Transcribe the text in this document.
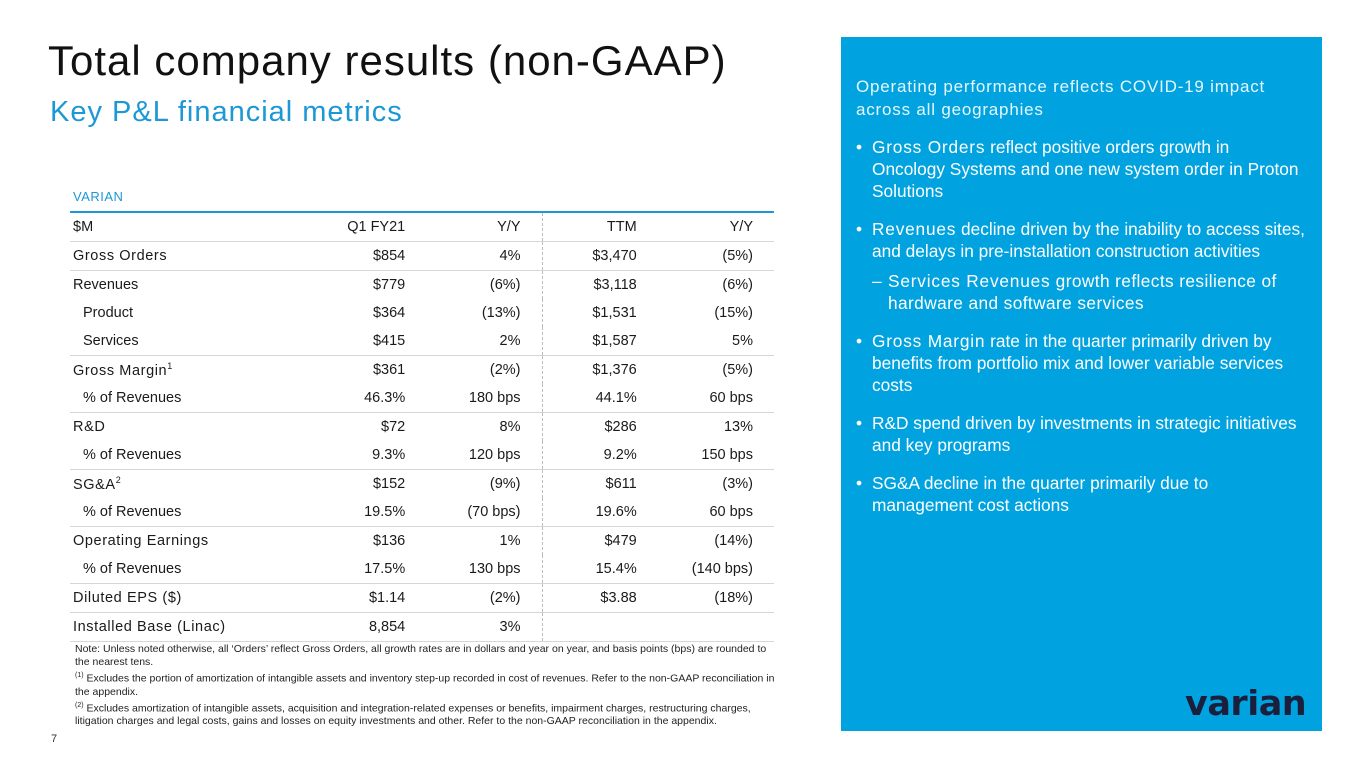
Total company results (non-GAAP)
Key P&L financial metrics
VARIAN
$M	Q1 FY21	Y/Y	TTM	Y/Y
Gross Orders	$854	4%	$3,470	(5%)
Revenues	$779	(6%)	$3,118	(6%)
Product	$364	(13%)	$1,531	(15%)
Services	$415	2%	$1,587	5%
Gross Margin$^1$	$361	(2%)	$1,376	(5%)
% of Revenues	46.3%	180 bps	44.1%	60 bps
R&D	$72	8%	$286	13%
% of Revenues	9.3%	120 bps	9.2%	150 bps
$SG\&A^2$	$152	(9%)	$611	(3%)
% of Revenues	19.5%	(70 bps)	19.6%	60 bps
Operating Earnings	$136	1%	$479	(14%)
% of Revenues	17.5%	130 bps	15.4%	(140 bps)
Diluted EPS ($)	$1.14	(2%)	$3.88	(18%)
Installed Base (Linac)	8,854	3%		

Note: Unless noted otherwise, all ‘Orders’ reflect Gross Orders, all growth rates are in dollars and year on year, and basis points (bps) are rounded to the nearest tens.

$^{(1)}$ Excludes the portion of amortization of intangible assets and inventory step-up recorded in cost of revenues. Refer to the non-GAAP reconciliation in the appendix.

$^{(2)}$ Excludes amortization of intangible assets, acquisition and integration-related expenses or benefits, impairment charges, restructuring charges, litigation charges and legal costs, gains and losses on equity investments and other. Refer to the non-GAAP reconciliation in the appendix.

7
Operating performance reflects COVID-19 impact across all geographies
• Gross Orders reflect positive orders growth in Oncology Systems and one new system order in Proton Solutions
• Revenues decline driven by the inability to access sites, and delays in pre-installation construction activities
– Services Revenues growth reflects resilience of hardware and software services
• Gross Margin rate in the quarter primarily driven by benefits from portfolio mix and lower variable services costs
• R&D spend driven by investments in strategic initiatives and key programs
• SG&A decline in the quarter primarily due to management cost actions
varian
